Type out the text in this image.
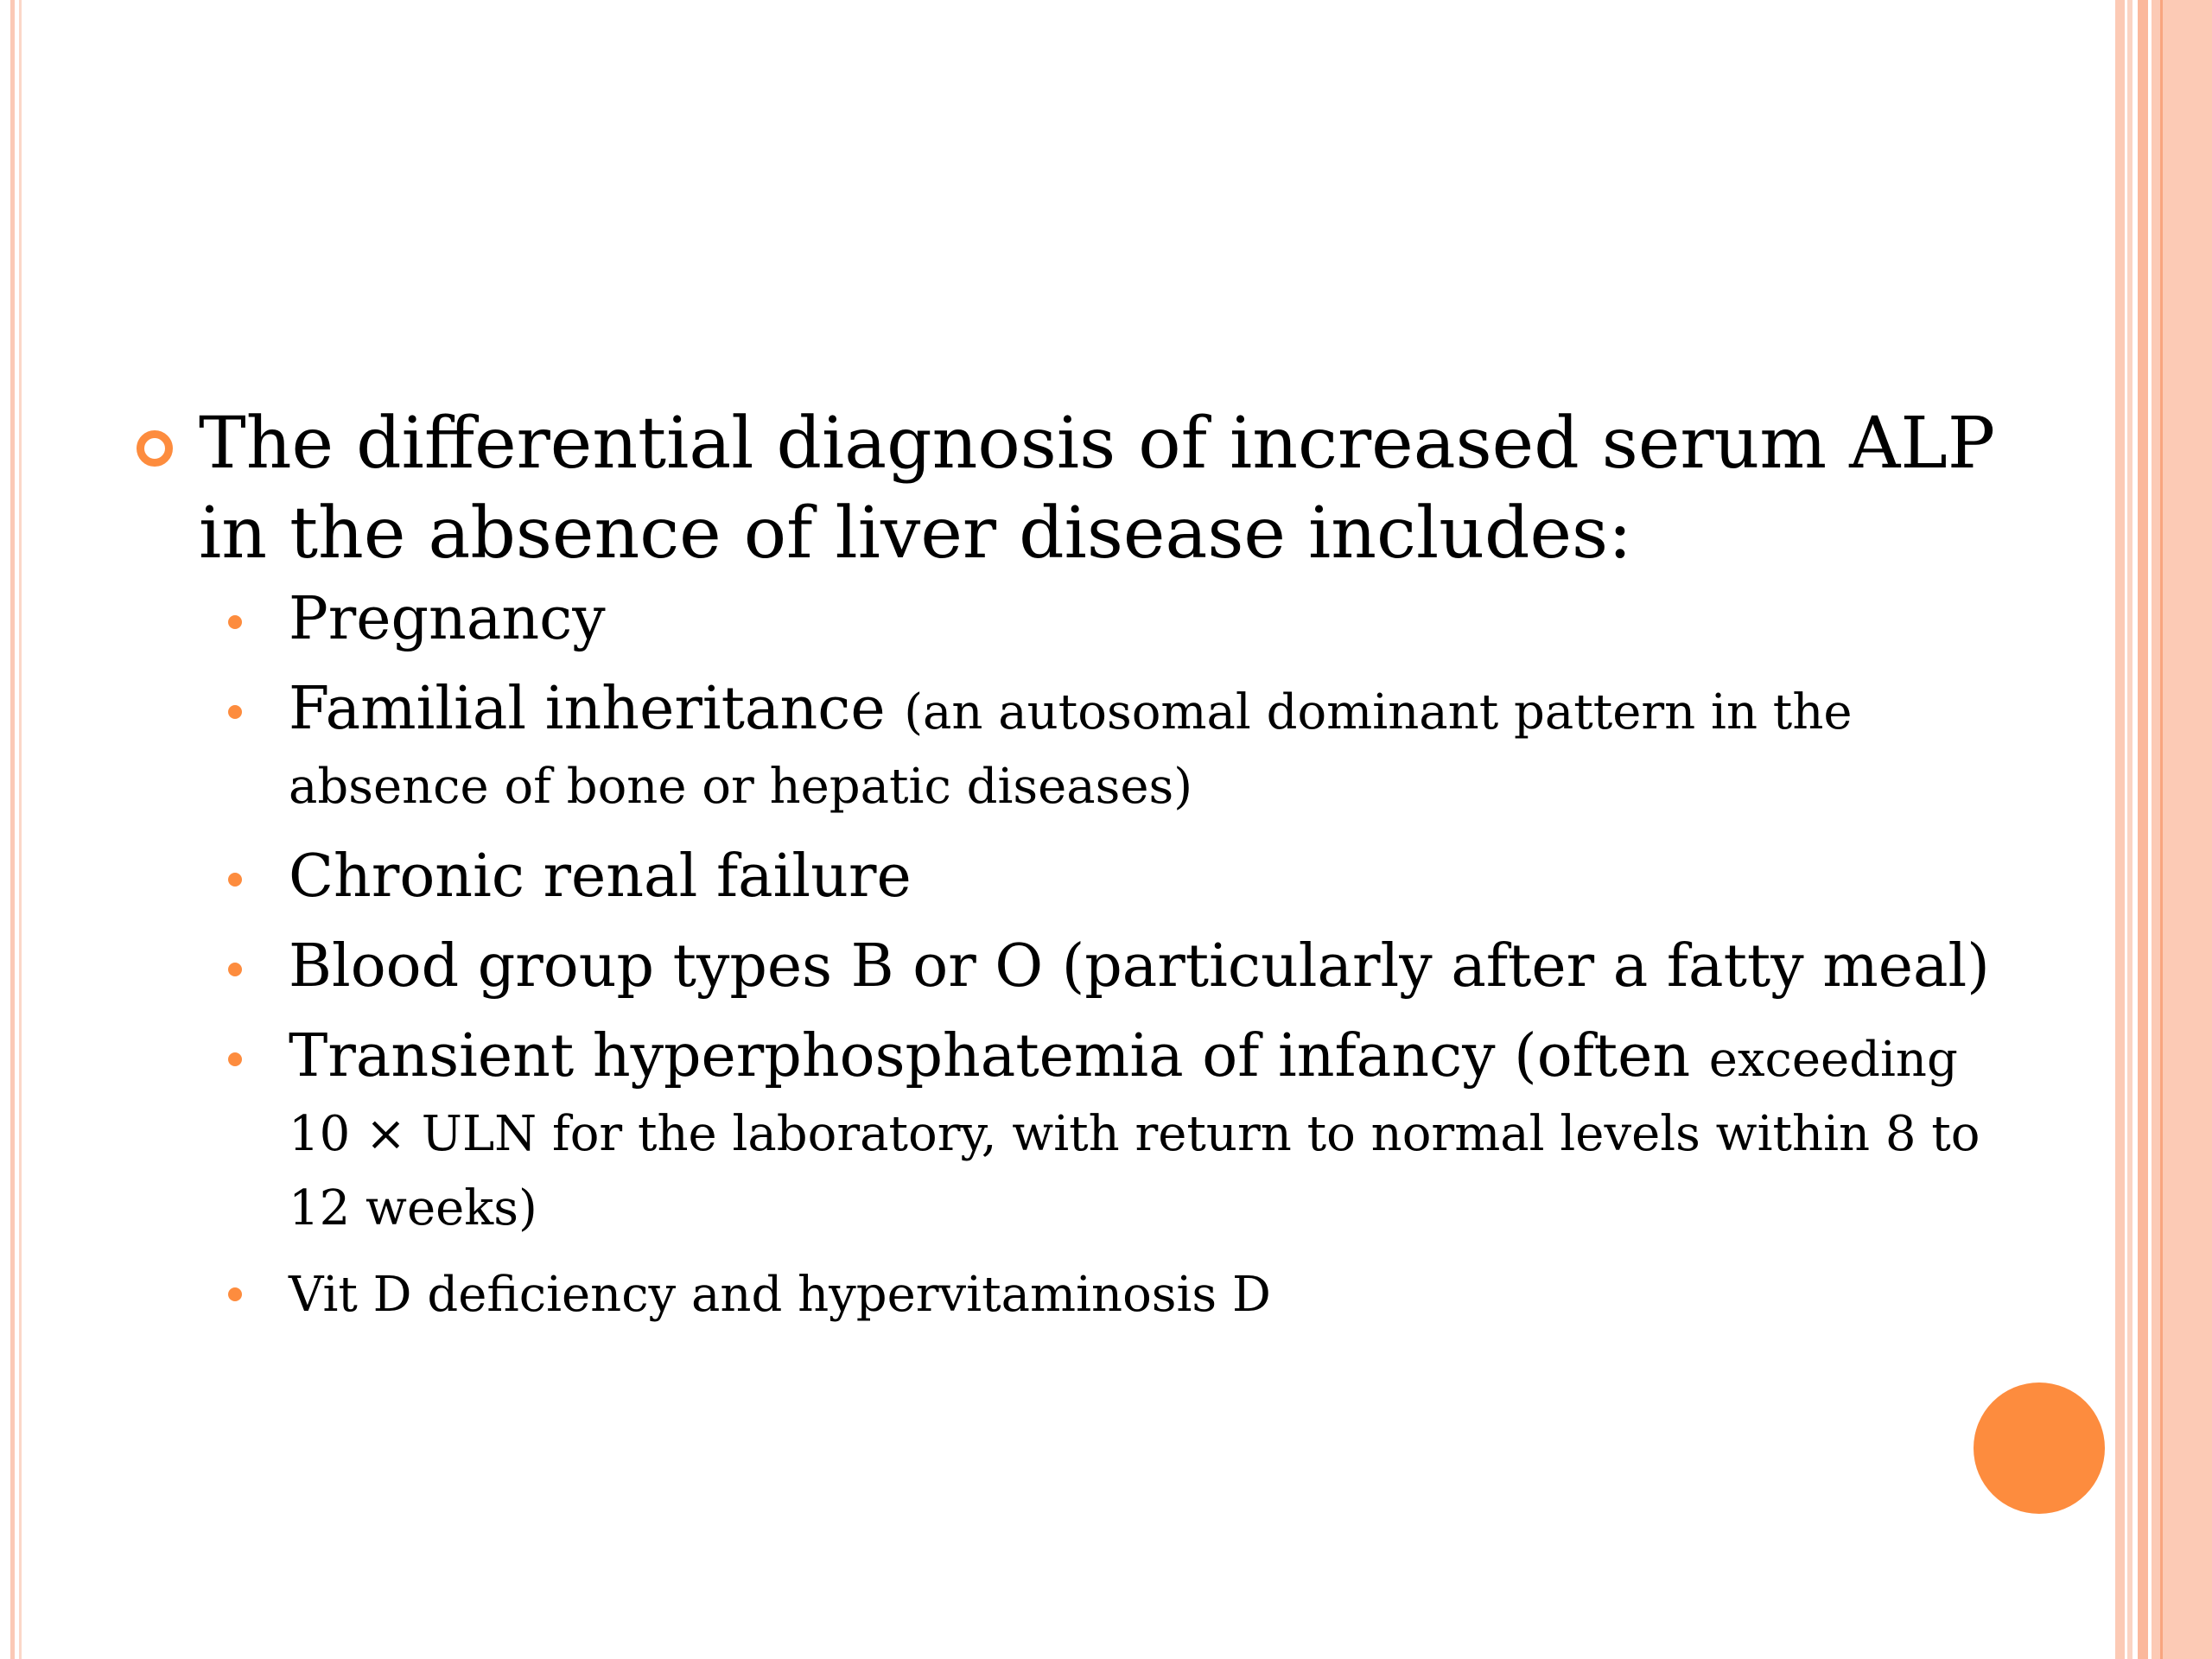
The differential diagnosis of increased serum ALP in the absence of liver disease includes:

Pregnancy
Familial inheritance (an autosomal dominant pattern in the absence of bone or hepatic diseases)
Chronic renal failure
Blood group types B or O (particularly after a fatty meal)
Transient hyperphosphatemia of infancy (often exceeding 10 × ULN for the laboratory, with return to normal levels within 8 to 12 weeks)
Vit D deficiency and hypervitaminosis D
